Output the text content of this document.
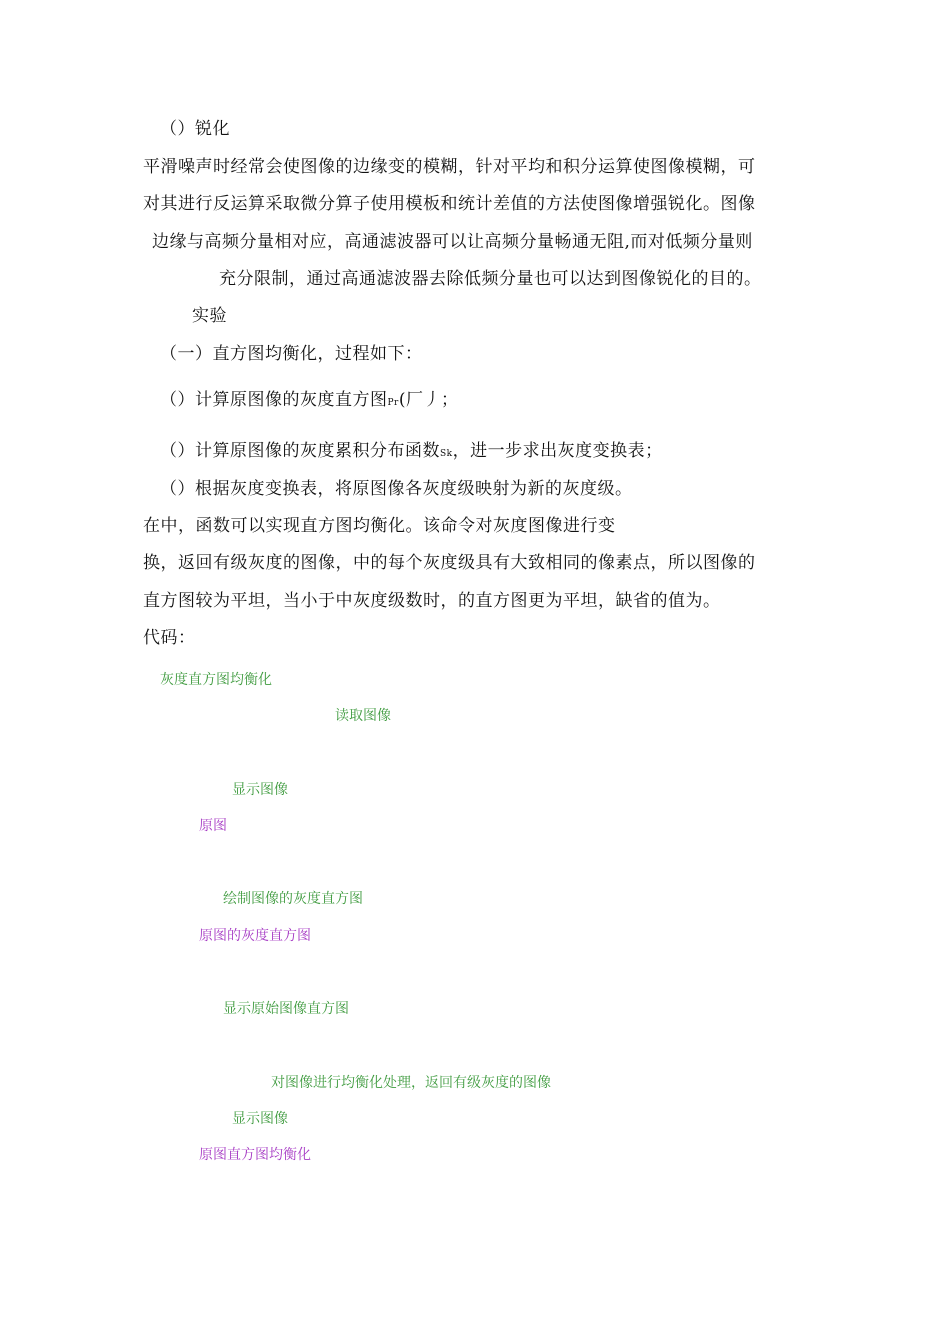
（）锐化
平滑噪声时经常会使图像的边缘变的模糊，针对平均和积分运算使图像模糊，可
对其进行反运算采取微分算子使用模板和统计差值的方法使图像增强锐化。图像
边缘与高频分量相对应，高通滤波器可以让高频分量畅通无阻,而对低频分量则
充分限制，通过高通滤波器去除低频分量也可以达到图像锐化的目的。
实验
（一）直方图均衡化，过程如下：
（）计算原图像的灰度直方图Pr(厂丿；
（）计算原图像的灰度累积分布函数Sk，进一步求出灰度变换表；
（）根据灰度变换表，将原图像各灰度级映射为新的灰度级。
在中，函数可以实现直方图均衡化。该命令对灰度图像进行变
换，返回有级灰度的图像，中的每个灰度级具有大致相同的像素点，所以图像的
直方图较为平坦，当小于中灰度级数时，的直方图更为平坦，缺省的值为。
代码：
灰度直方图均衡化
读取图像
显示图像
原图
绘制图像的灰度直方图
原图的灰度直方图
显示原始图像直方图
对图像进行均衡化处理，返回有级灰度的图像
显示图像
原图直方图均衡化
